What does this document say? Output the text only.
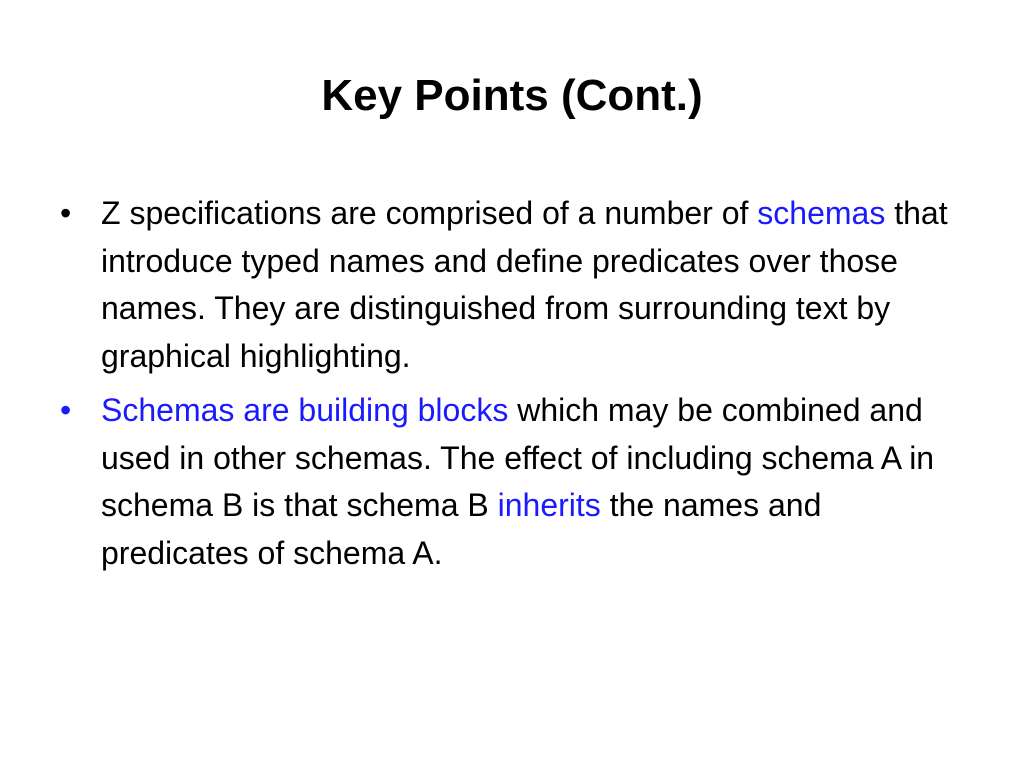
Key Points (Cont.)
• Z specifications are comprised of a number of schemas that introduce typed names and define predicates over those names. They are distinguished from surrounding text by graphical highlighting.
• Schemas are building blocks which may be combined and used in other schemas. The effect of including schema A in schema B is that schema B inherits the names and predicates of schema A.
